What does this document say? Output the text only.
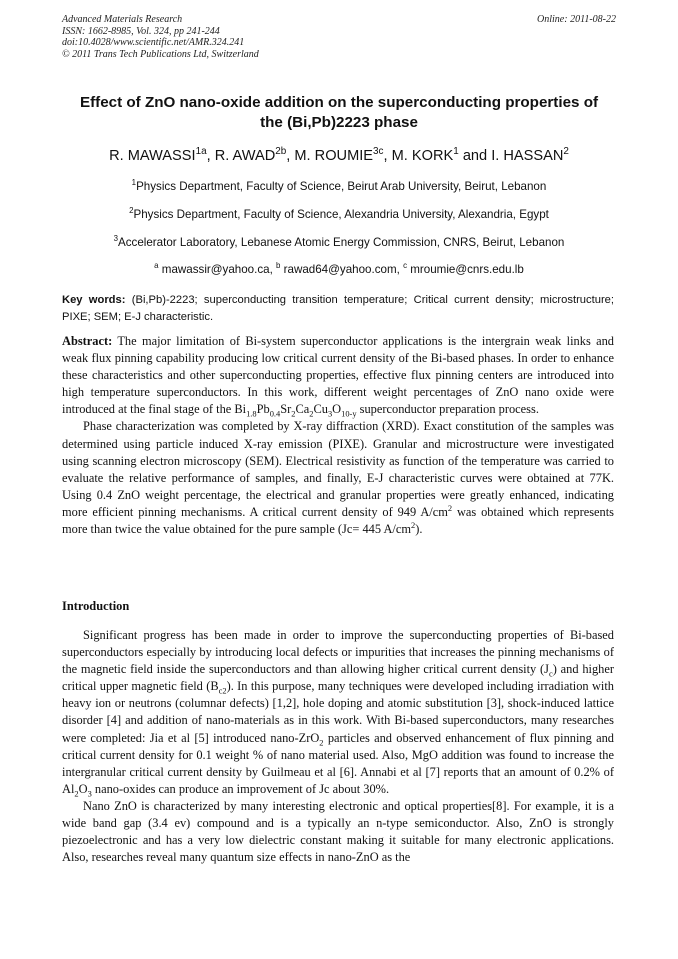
Advanced Materials Research
ISSN: 1662-8985, Vol. 324, pp 241-244
doi:10.4028/www.scientific.net/AMR.324.241
© 2011 Trans Tech Publications Ltd, Switzerland
Online: 2011-08-22
Effect of ZnO nano-oxide addition on the superconducting properties of
the (Bi,Pb)2223 phase
R. $MAWASSI^{1a}$, R. $AWAD^{2b}$, M. $ROUMIE^{3c}$, M. KORK$^1$ and I. HASSAN$^2$
$^1$Physics Department, Faculty of Science, Beirut Arab University, Beirut, Lebanon
$^2$Physics Department, Faculty of Science, Alexandria University, Alexandria, Egypt
$^3$Accelerator Laboratory, Lebanese Atomic Energy Commission, CNRS, Beirut, Lebanon
$^a$ mawassir@yahoo.ca, $^b$ rawad64@yahoo.com, $^c$ mroumie@cnrs.edu.lb
Key words: (Bi,Pb)-2223; superconducting transition temperature; Critical current density; microstructure; PIXE; SEM; E-J characteristic.

Abstract: The major limitation of Bi-system superconductor applications is the intergrain weak links and weak flux pinning capability producing low critical current density of the Bi-based phases. In order to enhance these characteristics and other superconducting properties, effective flux pinning centers are introduced into high temperature superconductors. In this work, different weight percentages of ZnO nano oxide were introduced at the final stage of the $Bi_{1.8}Pb_{0.4}Sr_2Ca_2Cu_3O_{10-y}$ superconductor preparation process.

Phase characterization was completed by X-ray diffraction (XRD). Exact constitution of the samples was determined using particle induced X-ray emission (PIXE). Granular and microstructure were investigated using scanning electron microscopy (SEM). Electrical resistivity as function of the temperature was carried to evaluate the relative performance of samples, and finally, E-J characteristic curves were obtained at 77K. Using 0.4 ZnO weight percentage, the electrical and granular properties were greatly enhanced, indicating more efficient pinning mechanisms. A critical current density of 949 $A/cm^2$ was obtained which represents more than twice the value obtained for the pure sample (Jc= 445 $A/cm^2$).

Introduction

Significant progress has been made in order to improve the superconducting properties of Bi-based superconductors especially by introducing local defects or impurities that increases the pinning mechanisms of the magnetic field inside the superconductors and than allowing higher critical current density $(J_c)$ and higher critical upper magnetic field $(B_{c2})$. In this purpose, many techniques were developed including irradiation with heavy ion or neutrons (columnar defects) [1,2], hole doping and atomic substitution [3], shock-induced lattice disorder [4] and addition of nano-materials as in this work. With Bi-based superconductors, many researches were completed: Jia et al [5] introduced nano-ZrO$_2$ particles and observed enhancement of flux pinning and critical current density for 0.1 weight % of nano material used. Also, MgO addition was found to increase the intergranular critical current density by Guilmeau et al [6]. Annabi et al [7] reports that an amount of 0.2% of $Al_2O_3$ nano-oxides can produce an improvement of Jc about 30%.

Nano ZnO is characterized by many interesting electronic and optical properties[8]. For example, it is a wide band gap (3.4 ev) compound and is a typically an n-type semiconductor. Also, ZnO is strongly piezoelectronic and has a very low dielectric constant making it suitable for many electronic applications. Also, researches reveal many quantum size effects in nano-ZnO as the
